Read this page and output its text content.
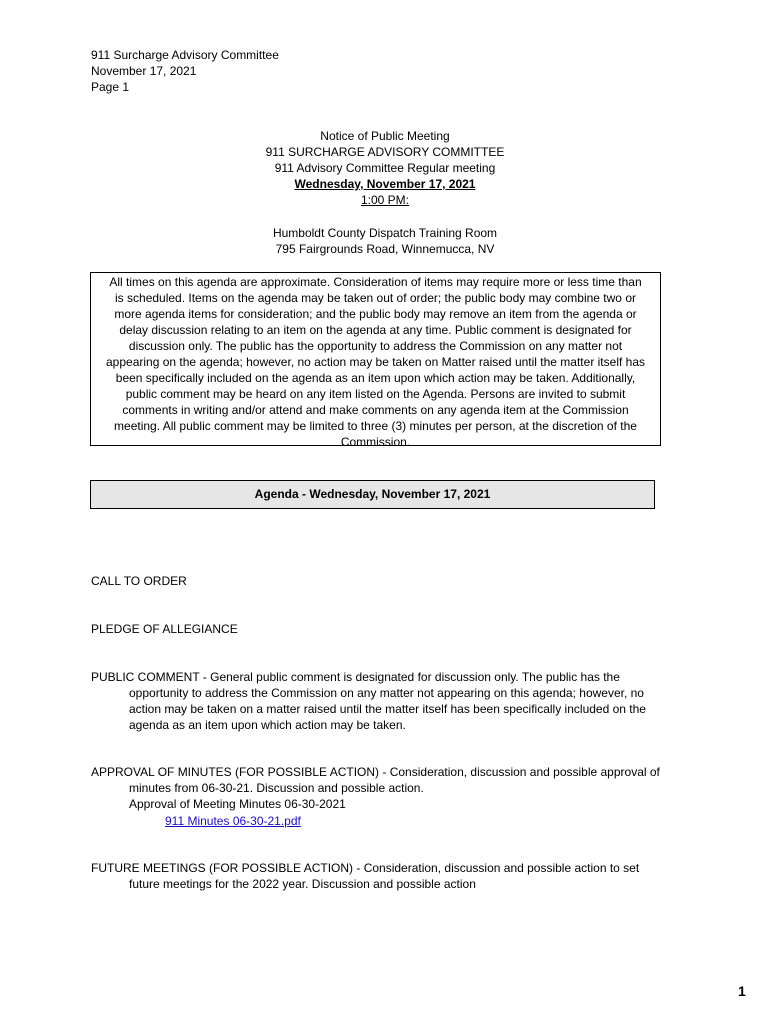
911 Surcharge Advisory Committee
November 17, 2021
Page 1
Notice of Public Meeting
911 SURCHARGE ADVISORY COMMITTEE
911 Advisory Committee Regular meeting
Wednesday, November 17, 2021
1:00 PM:
Humboldt County Dispatch Training Room
795 Fairgrounds Road, Winnemucca, NV
All times on this agenda are approximate. Consideration of items may require more or less time than
is scheduled. Items on the agenda may be taken out of order; the public body may combine two or
more agenda items for consideration; and the public body may remove an item from the agenda or
delay discussion relating to an item on the agenda at any time. Public comment is designated for
discussion only. The public has the opportunity to address the Commission on any matter not
appearing on the agenda; however, no action may be taken on Matter raised until the matter itself has
been specifically included on the agenda as an item upon which action may be taken. Additionally,
public comment may be heard on any item listed on the Agenda. Persons are invited to submit
comments in writing and/or attend and make comments on any agenda item at the Commission
meeting. All public comment may be limited to three (3) minutes per person, at the discretion of the
Commission.
Agenda - Wednesday, November 17, 2021
CALL TO ORDER
PLEDGE OF ALLEGIANCE
PUBLIC COMMENT - General public comment is designated for discussion only. The public has the
opportunity to address the Commission on any matter not appearing on this agenda; however, no
action may be taken on a matter raised until the matter itself has been specifically included on the
agenda as an item upon which action may be taken.
APPROVAL OF MINUTES (FOR POSSIBLE ACTION) - Consideration, discussion and possible approval of
minutes from 06-30-21. Discussion and possible action.
Approval of Meeting Minutes 06-30-2021
911 Minutes 06-30-21.pdf
FUTURE MEETINGS (FOR POSSIBLE ACTION) - Consideration, discussion and possible action to set
future meetings for the 2022 year. Discussion and possible action
1
